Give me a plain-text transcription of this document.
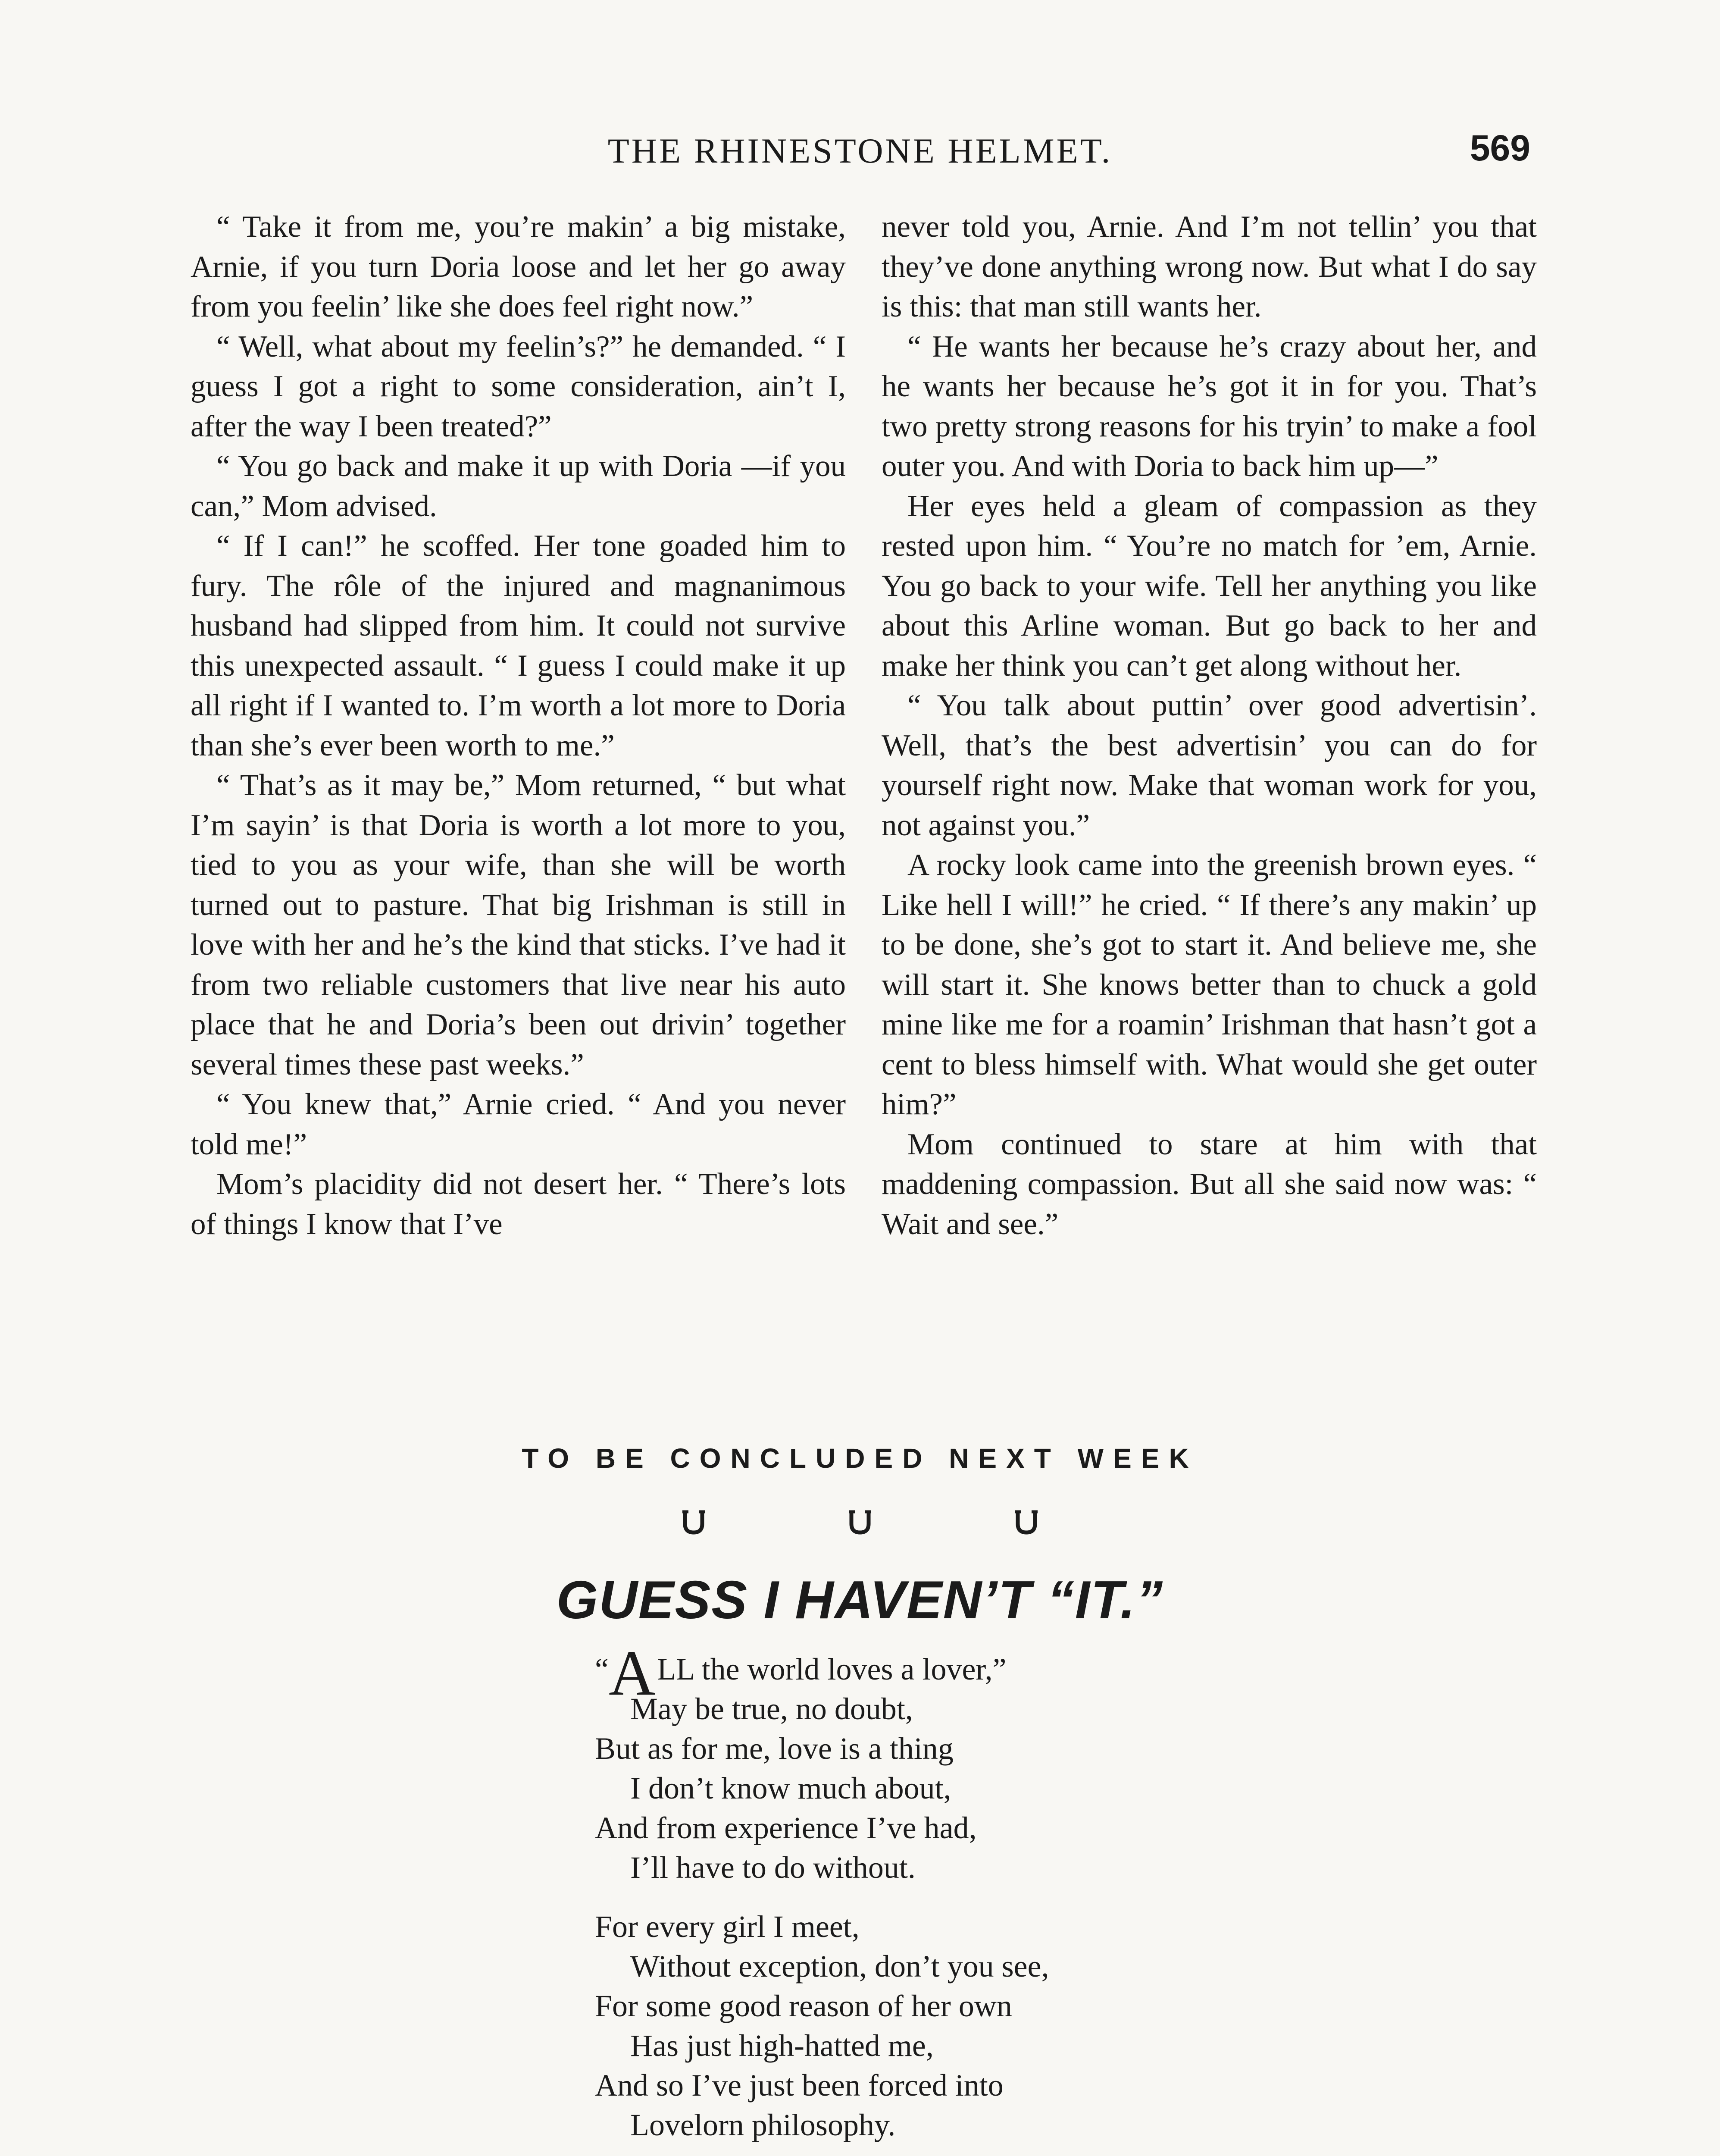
THE RHINESTONE HELMET.	569

“ Take it from me, you’re makin’ a big mistake, Arnie, if you turn Doria loose and let her go away from you feelin’ like she does feel right now.”

“ Well, what about my feelin’s?” he demanded. “ I guess I got a right to some consideration, ain’t I, after the way I been treated?”

“ You go back and make it up with Doria —if you can,” Mom advised.

“ If I can!” he scoffed. Her tone goaded him to fury. The rôle of the injured and magnanimous husband had slipped from him. It could not survive this unexpected assault. “ I guess I could make it up all right if I wanted to. I’m worth a lot more to Doria than she’s ever been worth to me.”

“ That’s as it may be,” Mom returned, “ but what I’m sayin’ is that Doria is worth a lot more to you, tied to you as your wife, than she will be worth turned out to pasture. That big Irishman is still in love with her and he’s the kind that sticks. I’ve had it from two reliable customers that live near his auto place that he and Doria’s been out drivin’ together several times these past weeks.”

“ You knew that,” Arnie cried. “ And you never told me!”

Mom’s placidity did not desert her. “ There’s lots of things I know that I’ve

never told you, Arnie. And I’m not tellin’ you that they’ve done anything wrong now. But what I do say is this: that man still wants her.

“ He wants her because he’s crazy about her, and he wants her because he’s got it in for you. That’s two pretty strong reasons for his tryin’ to make a fool outer you. And with Doria to back him up—”

Her eyes held a gleam of compassion as they rested upon him. “ You’re no match for ’em, Arnie. You go back to your wife. Tell her anything you like about this Arline woman. But go back to her and make her think you can’t get along without her.

“ You talk about puttin’ over good advertisin’. Well, that’s the best advertisin’ you can do for yourself right now. Make that woman work for you, not against you.”

A rocky look came into the greenish brown eyes. “ Like hell I will!” he cried. “ If there’s any makin’ up to be done, she’s got to start it. And believe me, she will start it. She knows better than to chuck a gold mine like me for a roamin’ Irishman that hasn’t got a cent to bless himself with. What would she get outer him?”

Mom continued to stare at him with that maddening compassion. But all she said now was: “ Wait and see.”

TO BE CONCLUDED NEXT WEEK
GUESS I HAVEN’T “IT.”
“ALL the world loves a lover,”
May be true, no doubt,
But as for me, love is a thing
I don’t know much about,
And from experience I’ve had,
I’ll have to do without.
For every girl I meet,
Without exception, don’t you see,
For some good reason of her own
Has just high-hatted me,
And so I’ve just been forced into
Lovelorn philosophy.
